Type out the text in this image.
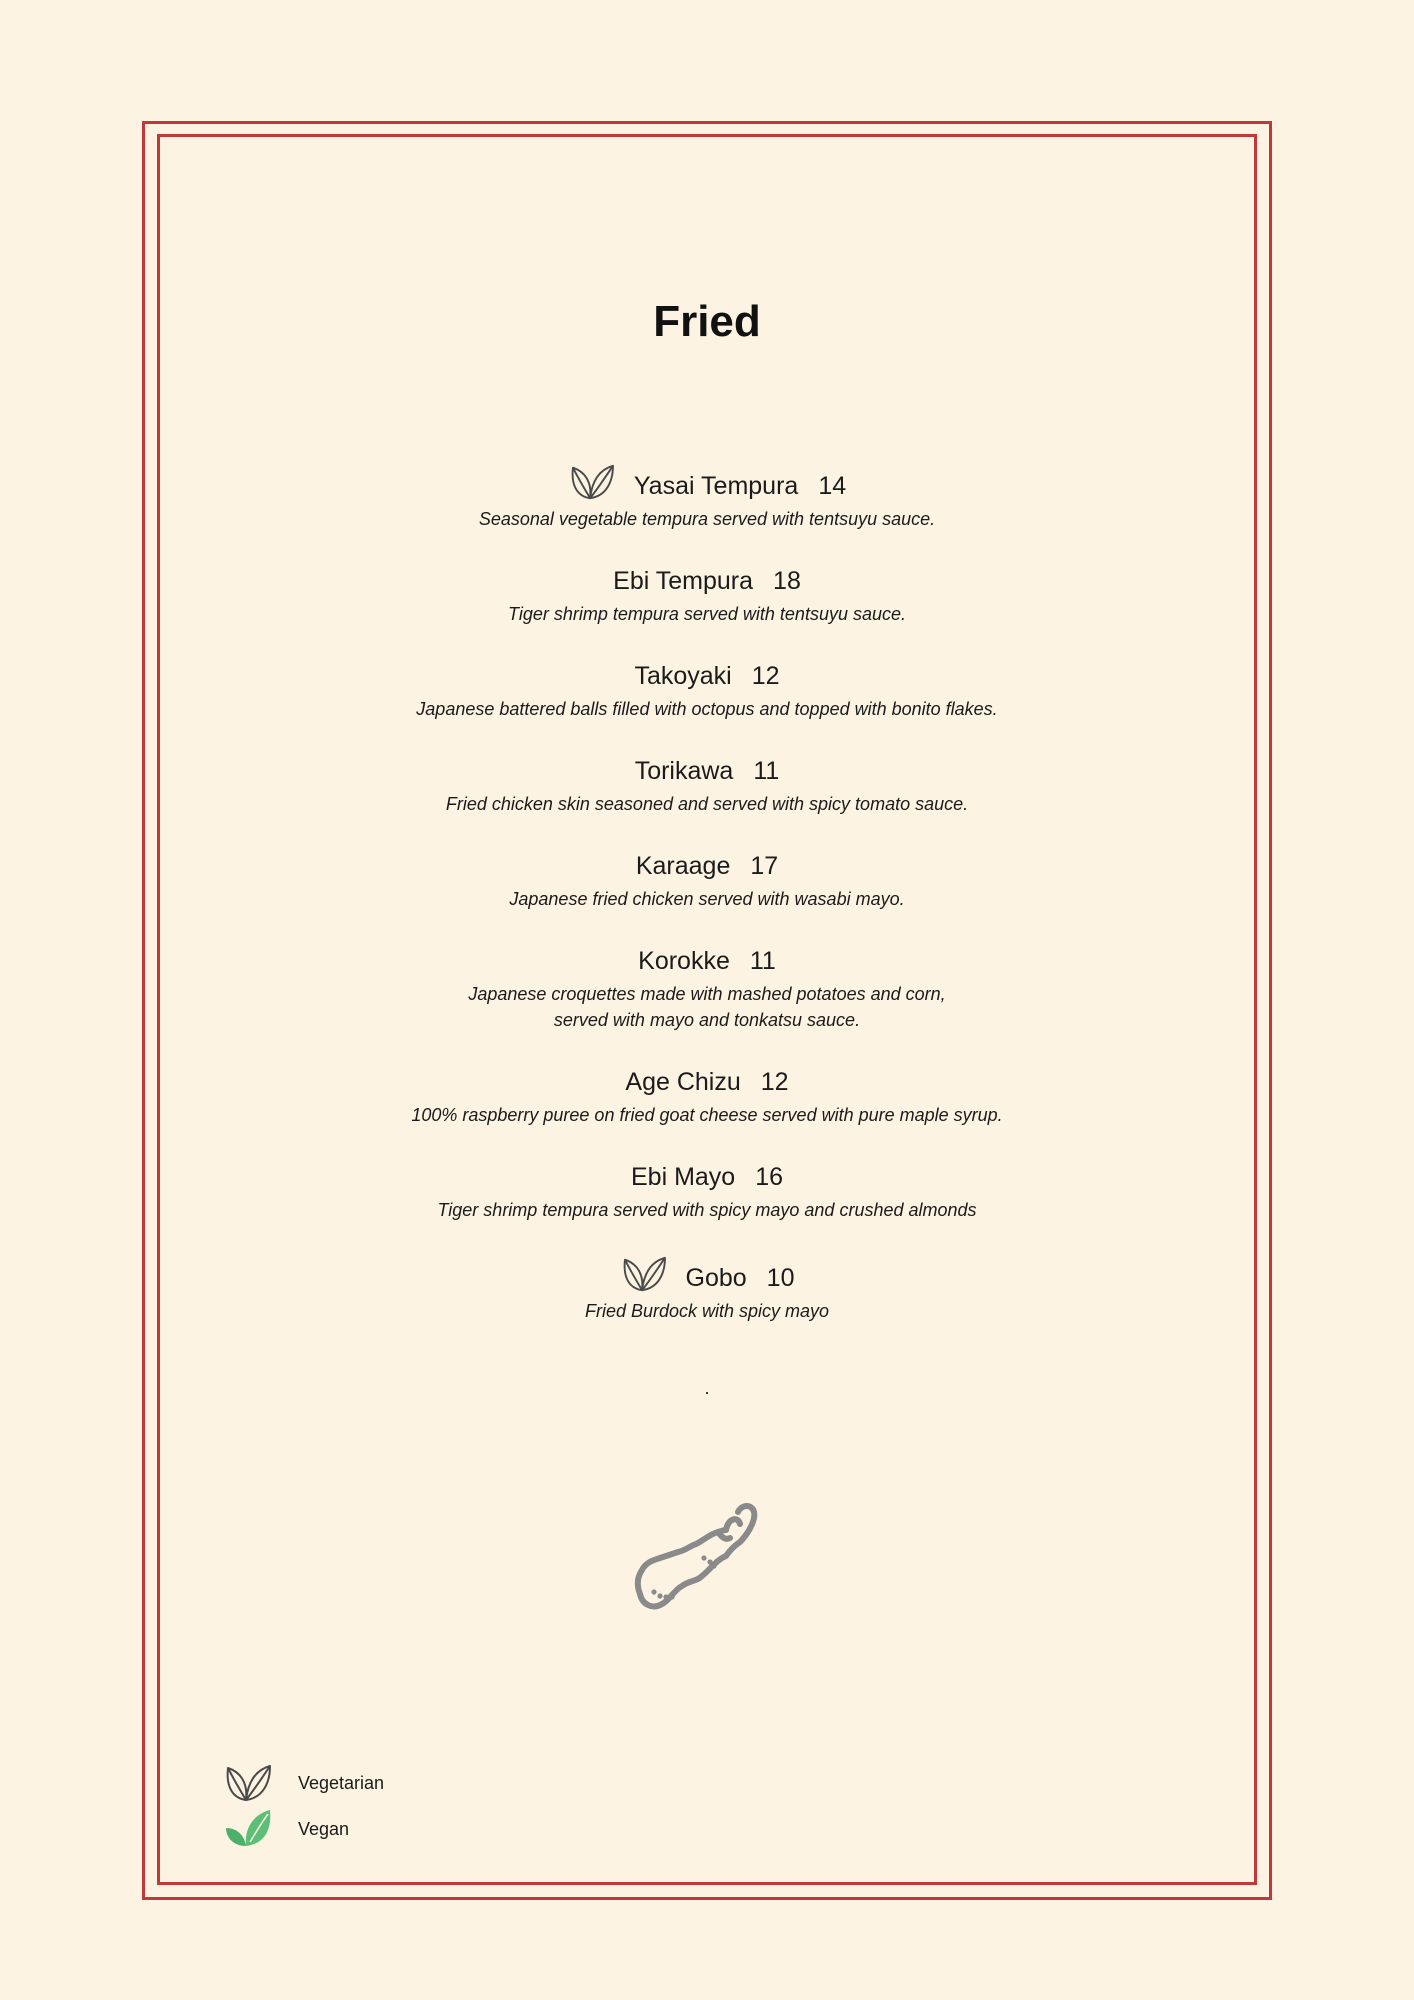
Fried
Yasai Tempura 14
Seasonal vegetable tempura served with tentsuyu sauce.
Ebi Tempura 18
Tiger shrimp tempura served with tentsuyu sauce.
Takoyaki 12
Japanese battered balls filled with octopus and topped with bonito flakes.
Torikawa 11
Fried chicken skin seasoned and served with spicy tomato sauce.
Karaage 17
Japanese fried chicken served with wasabi mayo.
Korokke 11
Japanese croquettes made with mashed potatoes and corn,
served with mayo and tonkatsu sauce.
Age Chizu 12
100% raspberry puree on fried goat cheese served with pure maple syrup.
Ebi Mayo 16
Tiger shrimp tempura served with spicy mayo and crushed almonds
Gobo 10
Fried Burdock with spicy mayo
.
Vegetarian
Vegan
